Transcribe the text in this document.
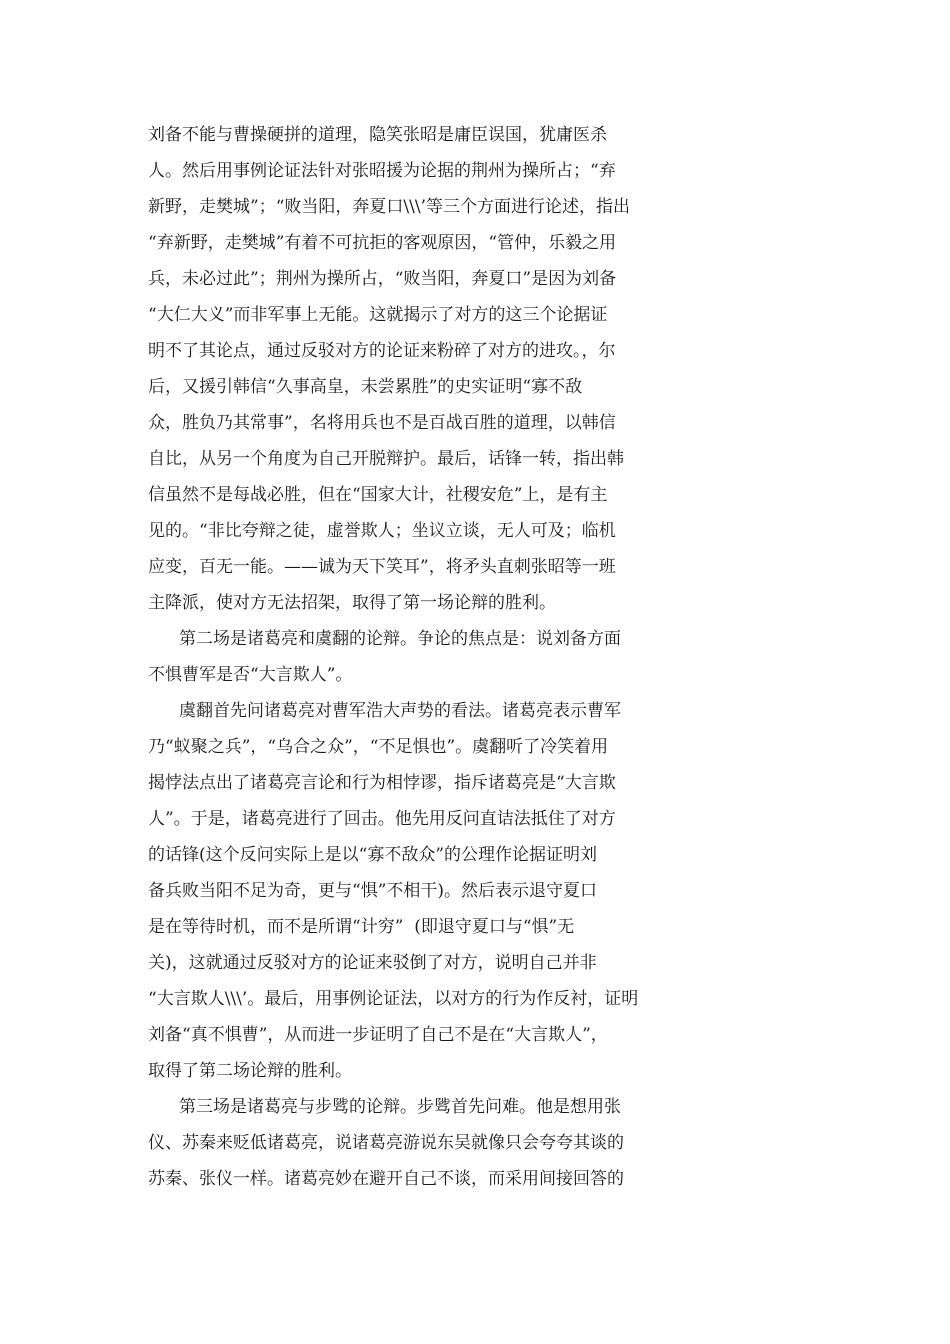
刘备不能与曹操硬拼的道理，隐笑张昭是庸臣误国，犹庸医杀

人。然后用事例论证法针对张昭援为论据的荆州为操所占；“弃

新野，走樊城”；“败当阳，奔夏口\\\’等三个方面进行论述，指出

“弃新野，走樊城”有着不可抗拒的客观原因，“管仲，乐毅之用

兵，未必过此”；荆州为操所占，“败当阳，奔夏口”是因为刘备

“大仁大义”而非军事上无能。这就揭示了对方的这三个论据证

明不了其论点，通过反驳对方的论证来粉碎了对方的进攻。，尔

后，又援引韩信“久事高皇，未尝累胜”的史实证明“寡不敌

众，胜负乃其常事”，名将用兵也不是百战百胜的道理，以韩信

自比，从另一个角度为自己开脱辩护。最后，话锋一转，指出韩

信虽然不是每战必胜，但在“国家大计，社稷安危”上，是有主

见的。“非比夸辩之徒，虚誉欺人；坐议立谈，无人可及；临机

应变，百无一能。——诚为天下笑耳”，将矛头直刺张昭等一班

主降派，使对方无法招架，取得了第一场论辩的胜利。

第二场是诸葛亮和虞翻的论辩。争论的焦点是：说刘备方面

不惧曹军是否“大言欺人”。

虞翻首先问诸葛亮对曹军浩大声势的看法。诸葛亮表示曹军

乃“蚁聚之兵”，“乌合之众”，“不足惧也”。虞翻听了冷笑着用

揭悖法点出了诸葛亮言论和行为相悖谬，指斥诸葛亮是“大言欺

人”。于是，诸葛亮进行了回击。他先用反问直诘法抵住了对方

的话锋(这个反问实际上是以“寡不敌众”的公理作论据证明刘

备兵败当阳不足为奇，更与“惧”不相干)。然后表示退守夏口

是在等待时机，而不是所谓“计穷”  (即退守夏口与“惧”无

关)，这就通过反驳对方的论证来驳倒了对方，说明自己并非

“大言欺人\\\’。最后，用事例论证法，以对方的行为作反衬，证明

刘备“真不惧曹”，从而进一步证明了自己不是在“大言欺人”，

取得了第二场论辩的胜利。

第三场是诸葛亮与步骘的论辩。步骘首先问难。他是想用张

仪、苏秦来贬低诸葛亮，说诸葛亮游说东吴就像只会夸夸其谈的

苏秦、张仪一样。诸葛亮妙在避开自己不谈，而采用间接回答的
